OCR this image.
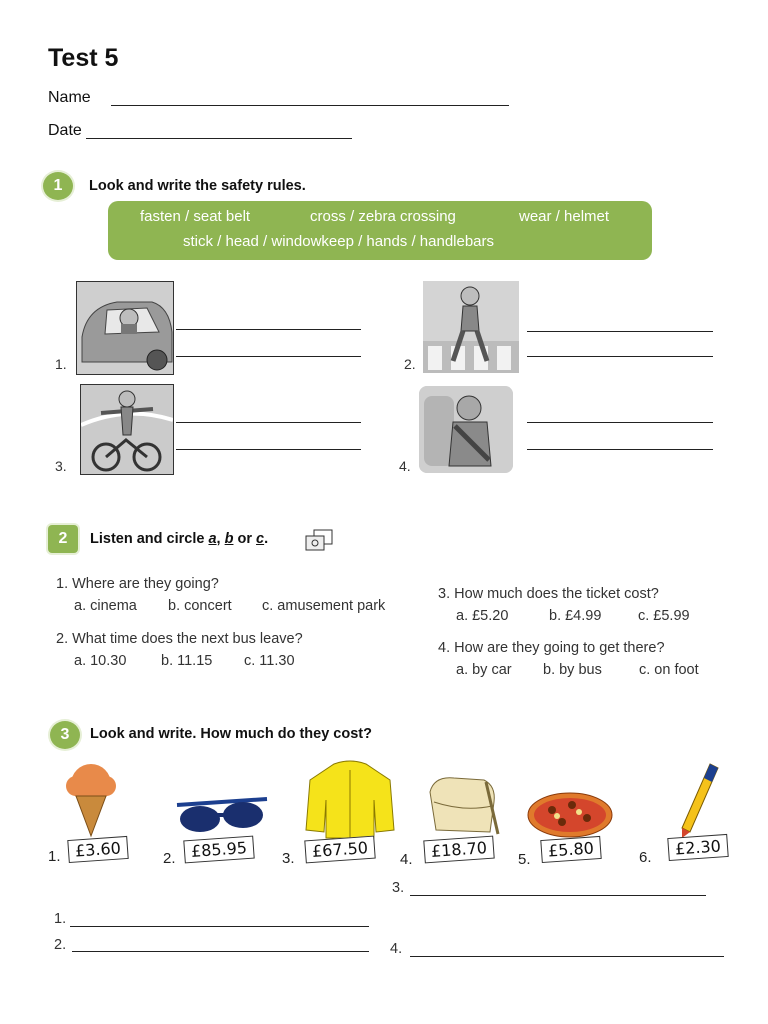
Test 5
Name
Date
1	Look and write the safety rules.
fasten / seat belt	cross / zebra crossing	wear / helmet
stick / head / windowkeep / hands / handlebars
1.	2.
3.	4.
2	Listen and circle a, b or c.
1. Where are they going?
a. cinema b. concert c. amusement park
2. What time does the next bus leave?
a. 10.30 b. 11.15 c. 11.30
3. How much does the ticket cost?
a. £5.20	b. £4.99	c. £5.99
4. How are they going to get there?
a. by car b. by bus	c. on foot
3	Look and write. How much do they cost?
1. £3.60	2. £85.95	3.	£67.50	4.	£18.70	5.	£5.80	6.	£2.30
3.
1.
2.	4.
